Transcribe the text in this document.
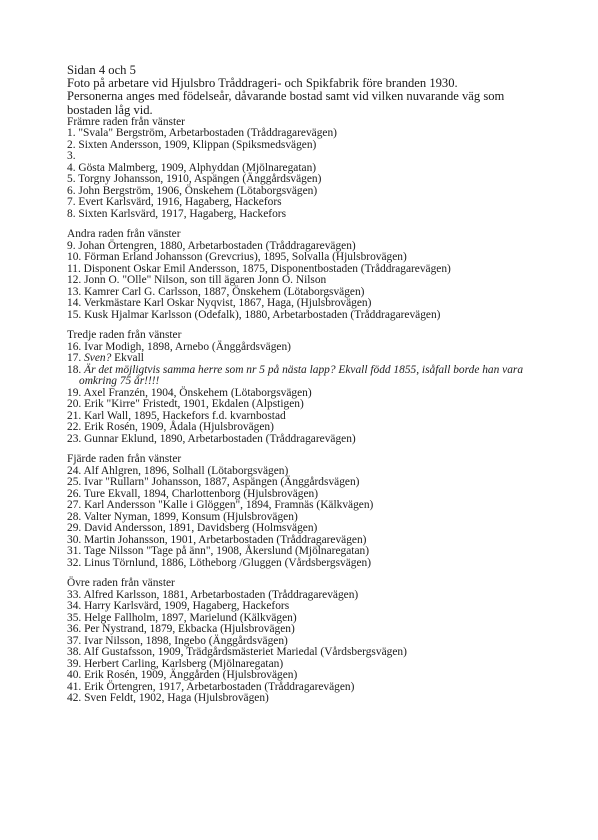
Sidan 4 och 5
Foto på arbetare vid Hjulsbro Tråddrageri- och Spikfabrik före branden 1930.
Personerna anges med födelseår, dåvarande bostad samt vid vilken nuvarande väg som
bostaden låg vid.
Främre raden från vänster
1. "Svala" Bergström, Arbetarbostaden (Tråddragarevägen)
2. Sixten Andersson, 1909, Klippan (Spiksmedsvägen)
3.
4. Gösta Malmberg, 1909, Alphyddan (Mjölnaregatan)
5. Torgny Johansson, 1910, Aspängen (Änggårdsvägen)
6. John Bergström, 1906, Önskehem (Lötaborgsvägen)
7. Evert Karlsvärd, 1916, Hagaberg, Hackefors
8. Sixten Karlsvärd, 1917, Hagaberg, Hackefors
Andra raden från vänster
9. Johan Örtengren, 1880, Arbetarbostaden (Tråddragarevägen)
10. Förman Erland Johansson (Grevcrius), 1895, Solvalla (Hjulsbrovägen)
11. Disponent Oskar Emil Andersson, 1875, Disponentbostaden (Tråddragarevägen)
12. Jonn O. "Olle" Nilson, son till ägaren Jonn O. Nilson
13. Kamrer Carl G. Carlsson, 1887, Önskehem (Lötaborgsvägen)
14. Verkmästare Karl Oskar Nyqvist, 1867, Haga, (Hjulsbrovägen)
15. Kusk Hjalmar Karlsson (Odefalk), 1880, Arbetarbostaden (Tråddragarevägen)
Tredje raden från vänster
16. Ivar Modigh, 1898, Arnebo (Änggårdsvägen)
17. Sven? Ekvall
18. Är det möjligtvis samma herre som nr 5 på nästa lapp? Ekvall född 1855, isåfall borde han vara
omkring 75 år!!!!
19. Axel Franzén, 1904, Önskehem (Lötaborgsvägen)
20. Erik "Kirre" Fristedt, 1901, Ekdalen (Alpstigen)
21. Karl Wall, 1895, Hackefors f.d. kvarnbostad
22. Erik Rosén, 1909, Ådala (Hjulsbrovägen)
23. Gunnar Eklund, 1890, Arbetarbostaden (Tråddragarevägen)
Fjärde raden från vänster
24. Alf Ahlgren, 1896, Solhall (Lötaborgsvägen)
25. Ivar "Rullarn" Johansson, 1887, Aspängen (Änggårdsvägen)
26. Ture Ekvall, 1894, Charlottenborg (Hjulsbrovägen)
27. Karl Andersson "Kalle i Glöggen", 1894, Framnäs (Kälkvägen)
28. Valter Nyman, 1899, Konsum (Hjulsbrovägen)
29. David Andersson, 1891, Davidsberg (Holmsvägen)
30. Martin Johansson, 1901, Arbetarbostaden (Tråddragarevägen)
31. Tage Nilsson "Tage på änn", 1908, Åkerslund (Mjölnaregatan)
32. Linus Törnlund, 1886, Lötheborg /Gluggen (Vårdsbergsvägen)
Övre raden från vänster
33. Alfred Karlsson, 1881, Arbetarbostaden (Tråddragarevägen)
34. Harry Karlsvärd, 1909, Hagaberg, Hackefors
35. Helge Fallholm, 1897, Marielund (Kälkvägen)
36. Per Nystrand, 1879, Ekbacka (Hjulsbrovägen)
37. Ivar Nilsson, 1898, Ingebo (Änggårdsvägen)
38. Alf Gustafsson, 1909, Trädgårdsmästeriet Mariedal (Vårdsbergsvägen)
39. Herbert Carling, Karlsberg (Mjölnaregatan)
40. Erik Rosén, 1909, Änggården (Hjulsbrovägen)
41. Erik Örtengren, 1917, Arbetarbostaden (Tråddragarevägen)
42. Sven Feldt, 1902, Haga (Hjulsbrovägen)
